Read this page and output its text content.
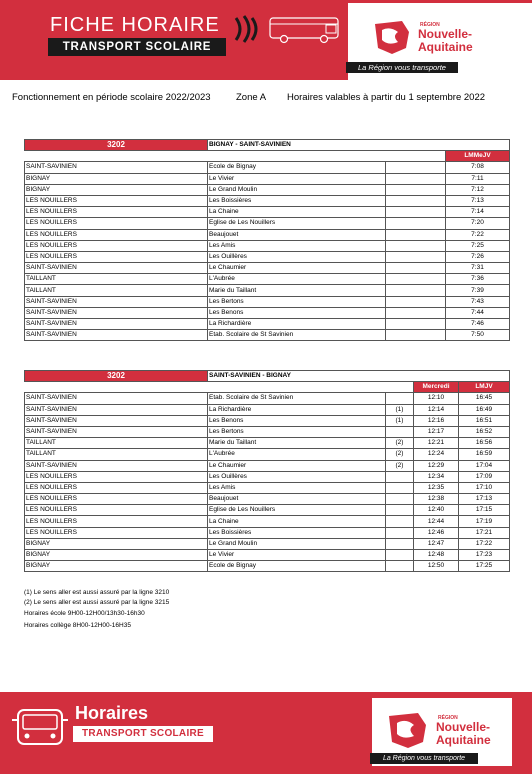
FICHE HORAIRE
TRANSPORT SCOLAIRE
RÉGION
Nouvelle-
Aquitaine
La Région vous transporte
Fonctionnement en période scolaire 2022/2023	Zone A Horaires valables à partir du 1 septembre 2022
3202	BIGNAY - SAINT-SAVINIEN		
			LMMeJV
SAINT-SAVINIEN	Ecole de Bignay		7:08
BIGNAY	Le Vivier		7:11
BIGNAY	Le Grand Moulin		7:12
LES NOUILLERS	Les Boissières		7:13
LES NOUILLERS	La Chaine		7:14
LES NOUILLERS	Eglise de Les Nouillers		7:20
LES NOUILLERS	Beaujouet		7:22
LES NOUILLERS	Les Amis		7:25
LES NOUILLERS	Les Ouillères		7:26
SAINT-SAVINIEN	Le Chaumier		7:31
TAILLANT	L'Aubrée		7:36
TAILLANT	Marie du Taillant		7:39
SAINT-SAVINIEN	Les Bertons		7:43
SAINT-SAVINIEN	Les Benons		7:44
SAINT-SAVINIEN	La Richardière		7:46
SAINT-SAVINIEN	Etab. Scolaire de St Savinien		7:50
3202	SAINT-SAVINIEN - BIGNAY			
			Mercredi	LMJV
SAINT-SAVINIEN	Etab. Scolaire de St Savinien		12:10	16:45
SAINT-SAVINIEN	La Richardière	(1)	12:14	16:49
SAINT-SAVINIEN	Les Benons	(1)	12:16	16:51
SAINT-SAVINIEN	Les Bertons		12:17	16:52
TAILLANT	Marie du Taillant	(2)	12:21	16:56
TAILLANT	L'Aubrée	(2)	12:24	16:59
SAINT-SAVINIEN	Le Chaumier	(2)	12:29	17:04
LES NOUILLERS	Les Ouillères		12:34	17:09
LES NOUILLERS	Les Amis		12:35	17:10
LES NOUILLERS	Beaujouet		12:38	17:13
LES NOUILLERS	Eglise de Les Nouillers		12:40	17:15
LES NOUILLERS	La Chaine		12:44	17:19
LES NOUILLERS	Les Boissières		12:46	17:21
BIGNAY	Le Grand Moulin		12:47	17:22
BIGNAY	Le Vivier		12:48	17:23
BIGNAY	Ecole de Bignay		12:50	17:25
(1) Le sens aller est aussi assuré par la ligne 3210
(2) Le sens aller est aussi assuré par la ligne 3215
Horaires école 9H00-12H00/13h30-16h30
Horaires collège 8H00-12H00-16H35
Horaires
TRANSPORT SCOLAIRE
RÉGION
Nouvelle-
Aquitaine
La Région vous transporte
